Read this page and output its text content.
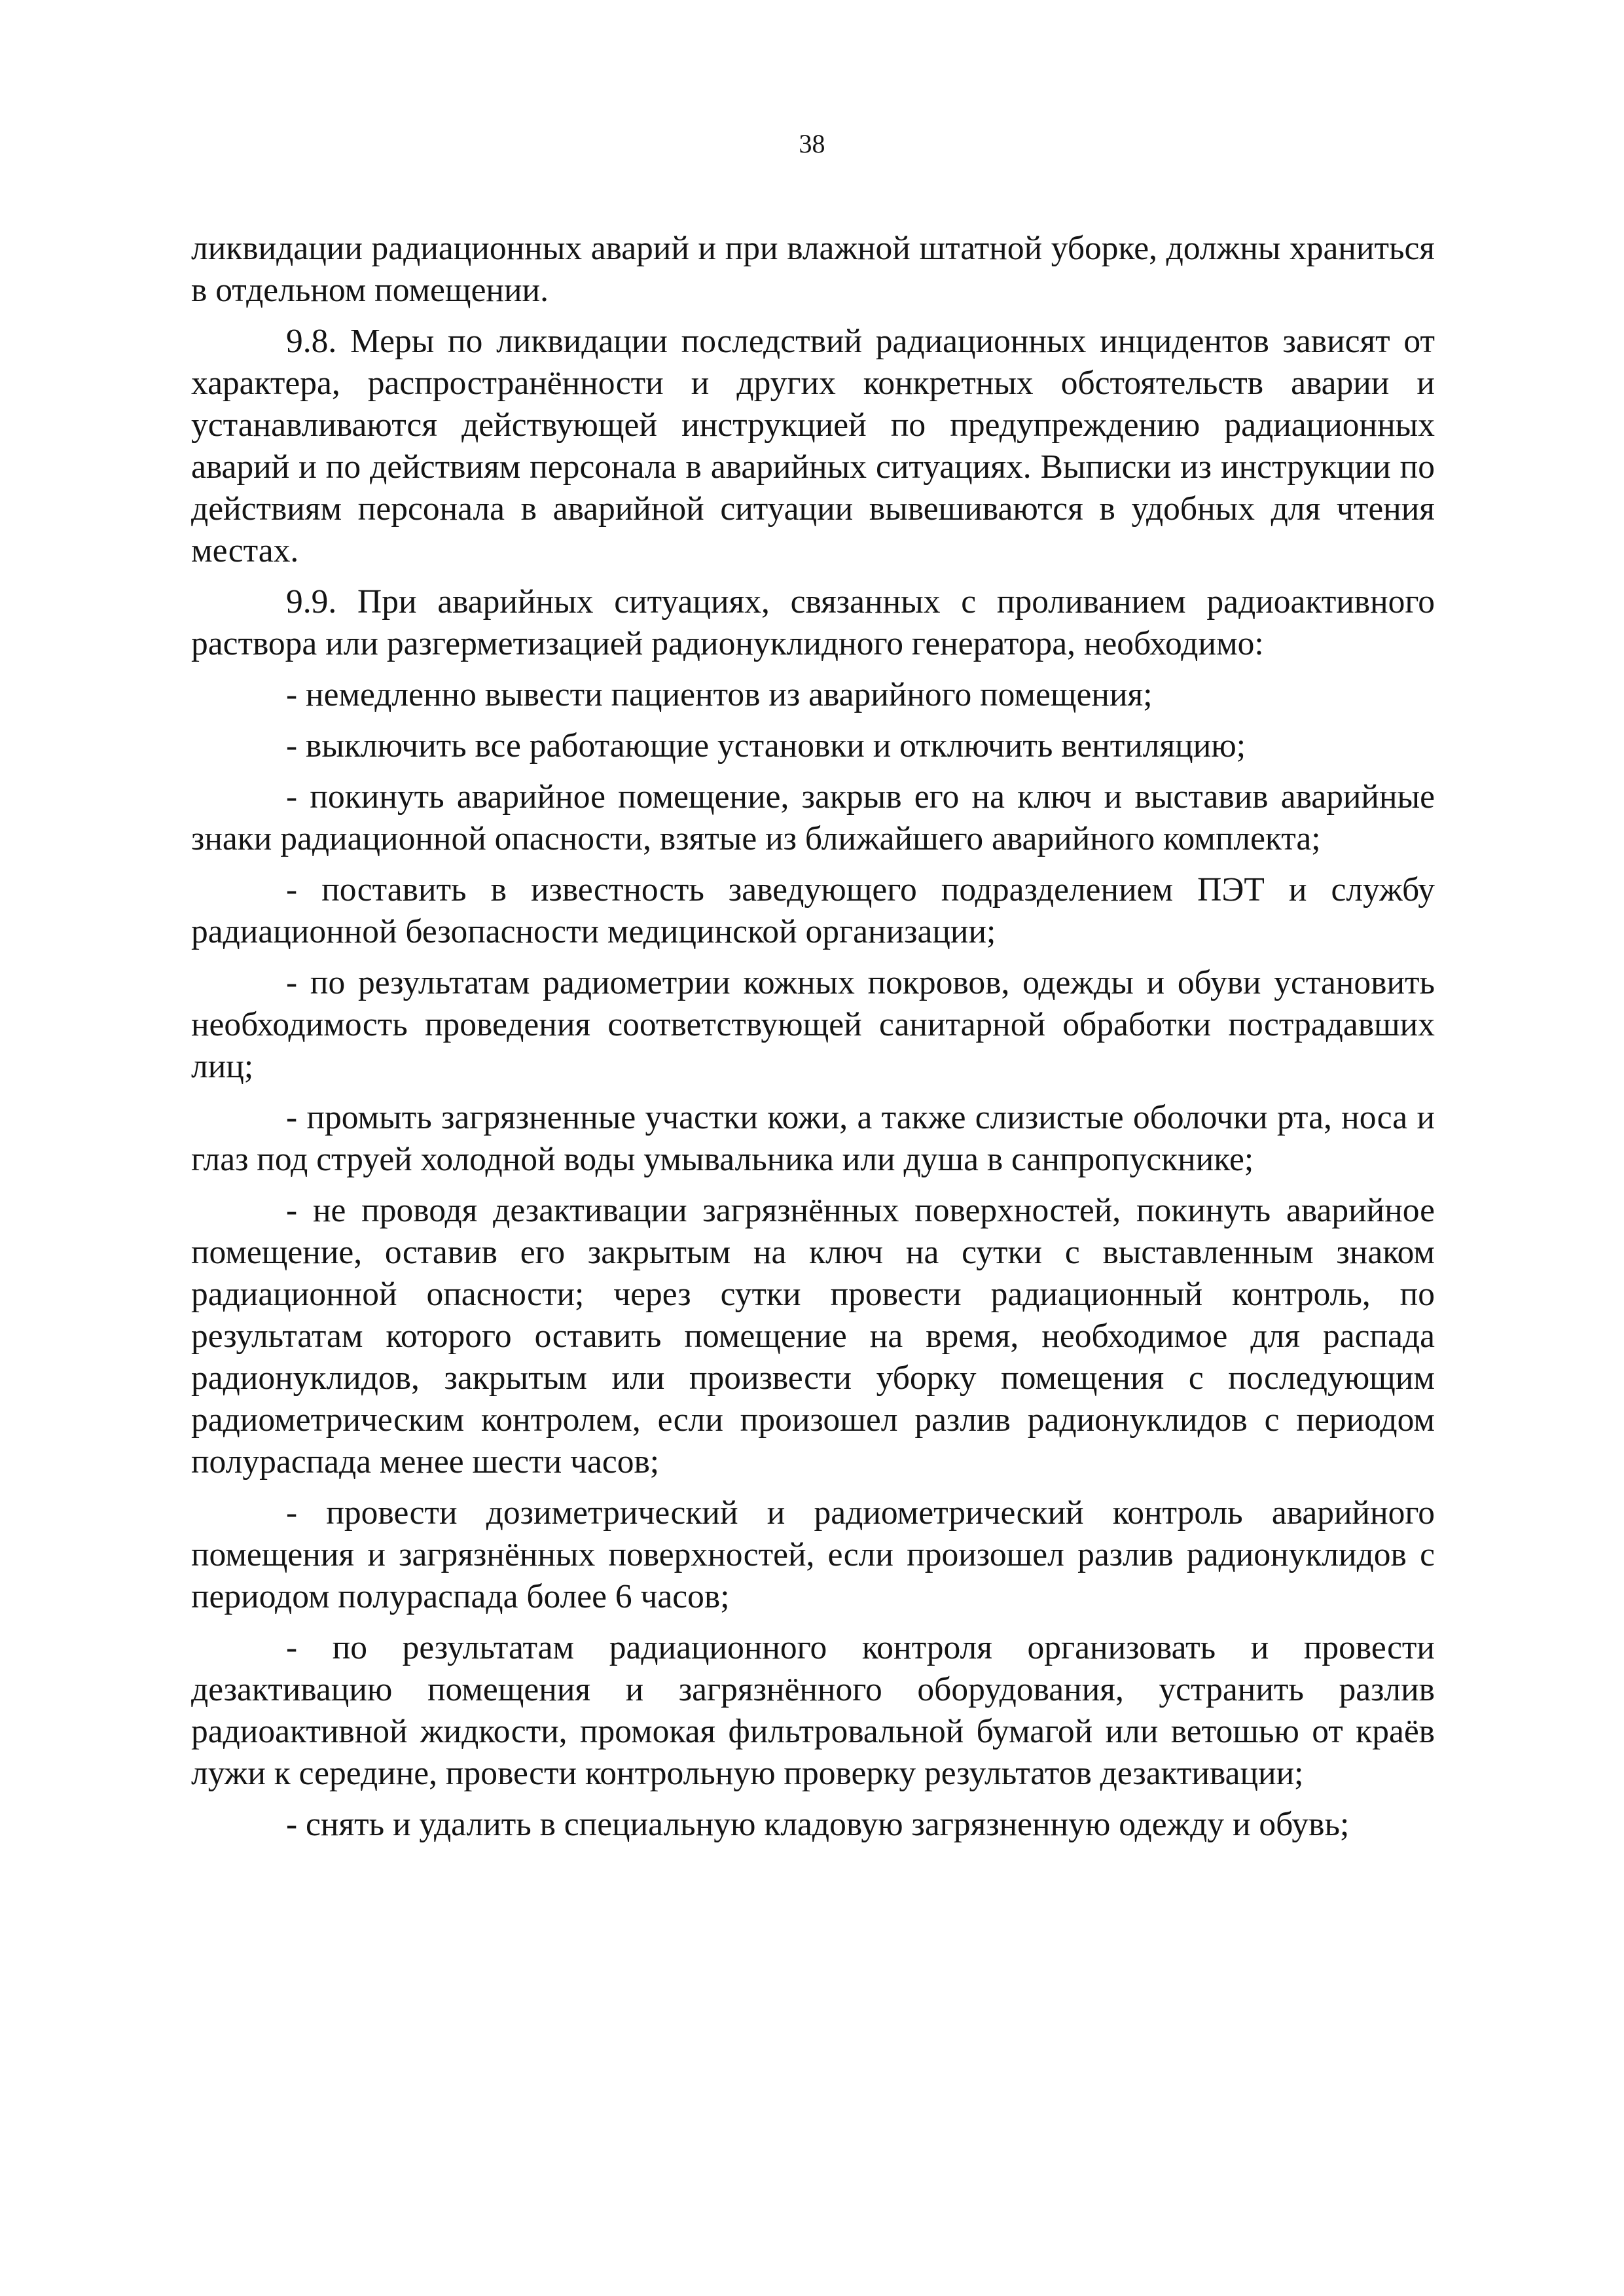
38

ликвидации радиационных аварий и при влажной штатной уборке, должны храниться в отдельном помещении.

9.8. Меры по ликвидации последствий радиационных инцидентов зависят от характера, распространённости и других конкретных обстоятельств аварии и устанавливаются действующей инструкцией по предупреждению радиационных аварий и по действиям персонала в аварийных ситуациях. Выписки из инструкции по действиям персонала в аварийной ситуации вывешиваются в удобных для чтения местах.

9.9. При аварийных ситуациях, связанных с проливанием радиоактивного раствора или разгерметизацией радионуклидного генератора, необходимо:

- немедленно вывести пациентов из аварийного помещения;

- выключить все работающие установки и отключить вентиляцию;

- покинуть аварийное помещение, закрыв его на ключ и выставив аварийные знаки радиационной опасности, взятые из ближайшего аварийного комплекта;

- поставить в известность заведующего подразделением ПЭТ и службу радиационной безопасности медицинской организации;

- по результатам радиометрии кожных покровов, одежды и обуви установить необходимость проведения соответствующей санитарной обработки пострадавших лиц;

- промыть загрязненные участки кожи, а также слизистые оболочки рта, носа и глаз под струей холодной воды умывальника или душа в санпропускнике;

- не проводя дезактивации загрязнённых поверхностей, покинуть аварийное помещение, оставив его закрытым на ключ на сутки с выставленным знаком радиационной опасности; через сутки провести радиационный контроль, по результатам которого оставить помещение на время, необходимое для распада радионуклидов, закрытым или произвести уборку помещения с последующим радиометрическим контролем, если произошел разлив радионуклидов с периодом полураспада менее шести часов;

- провести дозиметрический и радиометрический контроль аварийного помещения и загрязнённых поверхностей, если произошел разлив радионуклидов с периодом полураспада более 6 часов;

- по результатам радиационного контроля организовать и провести дезактивацию помещения и загрязнённого оборудования, устранить разлив радиоактивной жидкости, промокая фильтровальной бумагой или ветошью от краёв лужи к середине, провести контрольную проверку результатов дезактивации;

- снять и удалить в специальную кладовую загрязненную одежду и обувь;
